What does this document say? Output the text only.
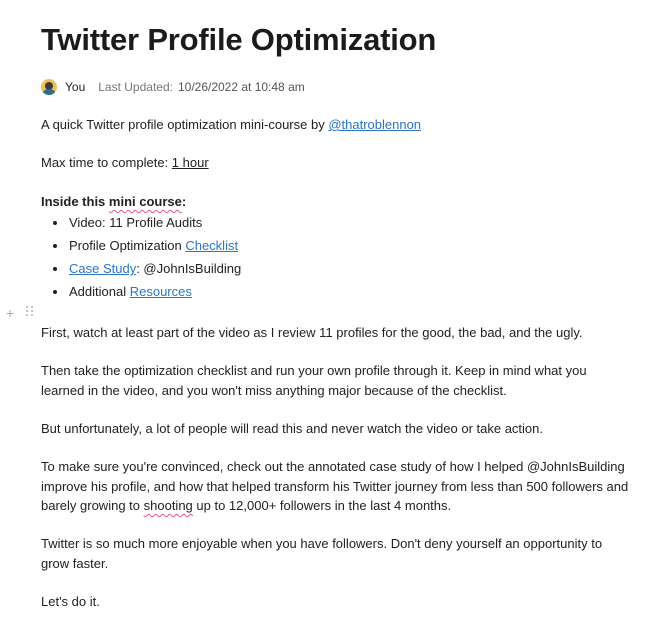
Twitter Profile Optimization
You Last Updated: 10/26/2022 at 10:48 am

A quick Twitter profile optimization mini-course by @thatroblennon

Max time to complete: 1 hour

Inside this mini course:

Video: 11 Profile Audits
Profile Optimization Checklist
Case Study: @JohnIsBuilding
Additional Resources

First, watch at least part of the video as I review 11 profiles for the good, the bad, and the ugly.

Then take the optimization checklist and run your own profile through it. Keep in mind what you learned in the video, and you won't miss anything major because of the checklist.

But unfortunately, a lot of people will read this and never watch the video or take action.

To make sure you're convinced, check out the annotated case study of how I helped @JohnIsBuilding improve his profile, and how that helped transform his Twitter journey from less than 500 followers and barely growing to shooting up to 12,000+ followers in the last 4 months.

Twitter is so much more enjoyable when you have followers. Don't deny yourself an opportunity to grow faster.

Let's do it.

+
